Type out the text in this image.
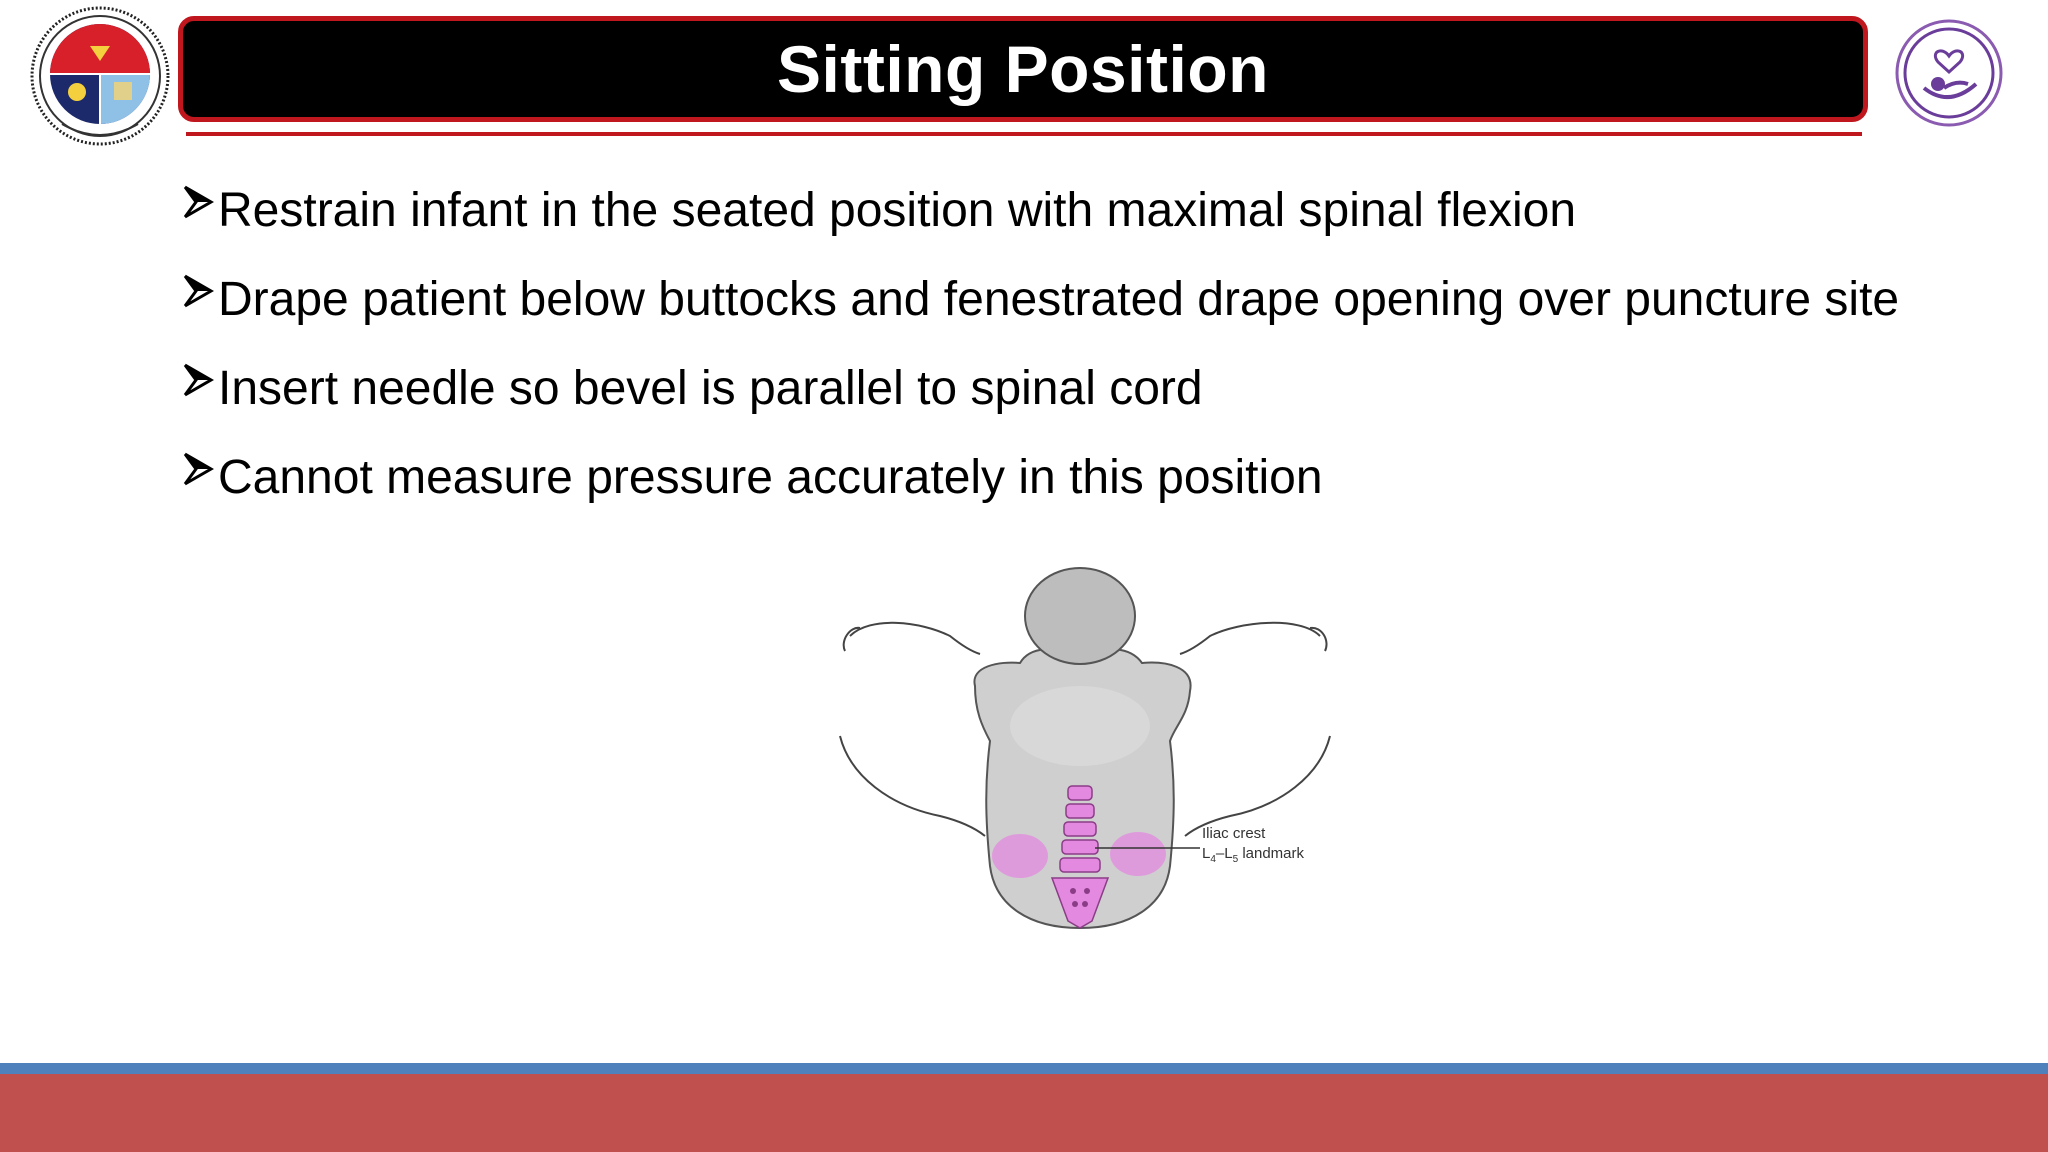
Sitting Position
Restrain infant in the seated position with maximal spinal flexion
Drape patient below buttocks and fenestrated drape opening over puncture site
Insert needle so bevel is parallel to spinal cord
Cannot measure pressure accurately in this position
Iliac crest
$L_4-L_5$ landmark
